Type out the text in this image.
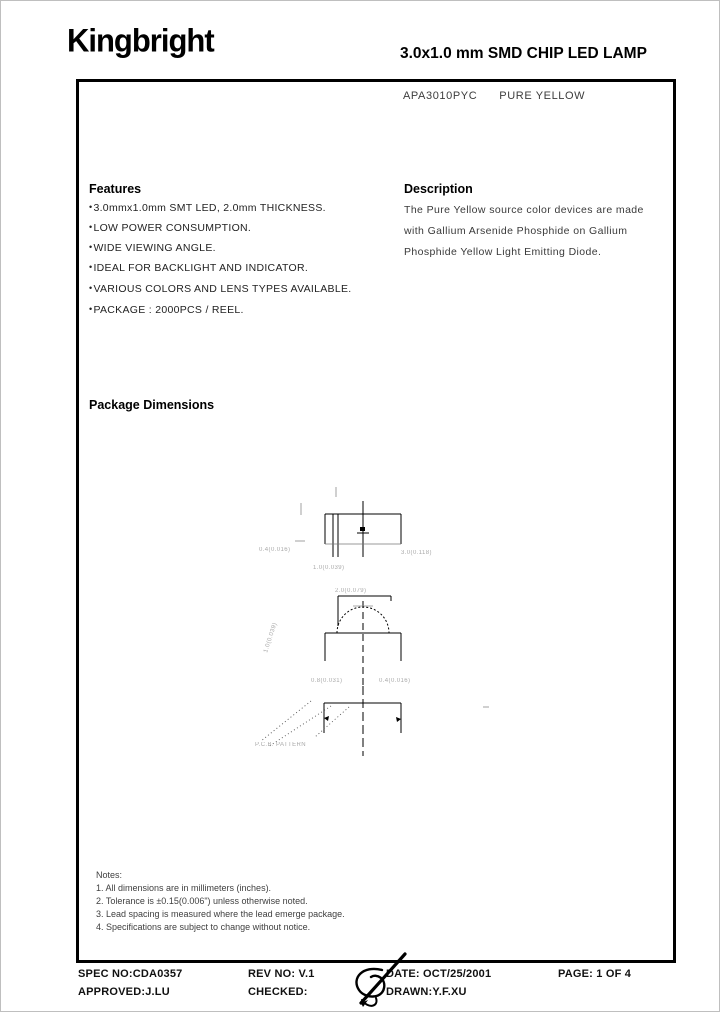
Kingbright	3.0x1.0 mm SMD CHIP LED LAMP
APA3010PYC PURE YELLOW
Features
•3.0mmx1.0mm SMT LED, 2.0mm THICKNESS.
•LOW POWER CONSUMPTION.
•WIDE VIEWING ANGLE.
•IDEAL FOR BACKLIGHT AND INDICATOR.
•VARIOUS COLORS AND LENS TYPES AVAILABLE.
•PACKAGE : 2000PCS / REEL.
Description
The Pure Yellow source color devices are made
with Gallium Arsenide Phosphide on Gallium
Phosphide Yellow Light Emitting Diode.
Package Dimensions
0.4(0.016)	3.0(0.118)
1.0(0.039)
2.0(0.079)
1.0(0.039)
0.8(0.031)	0.4(0.016)
P.C.B. PATTERN
Notes:
1. All dimensions are in millimeters (inches).
2. Tolerance is ±0.15(0.006") unless otherwise noted.
3. Lead spacing is measured where the lead emerge package.
4. Specifications are subject to change without notice.
SPEC NO:CDA0357	REV NO: V.1	DATE: OCT/25/2001	PAGE: 1 OF 4
APPROVED:J.LU	CHECKED:	DRAWN:Y.F.XU
